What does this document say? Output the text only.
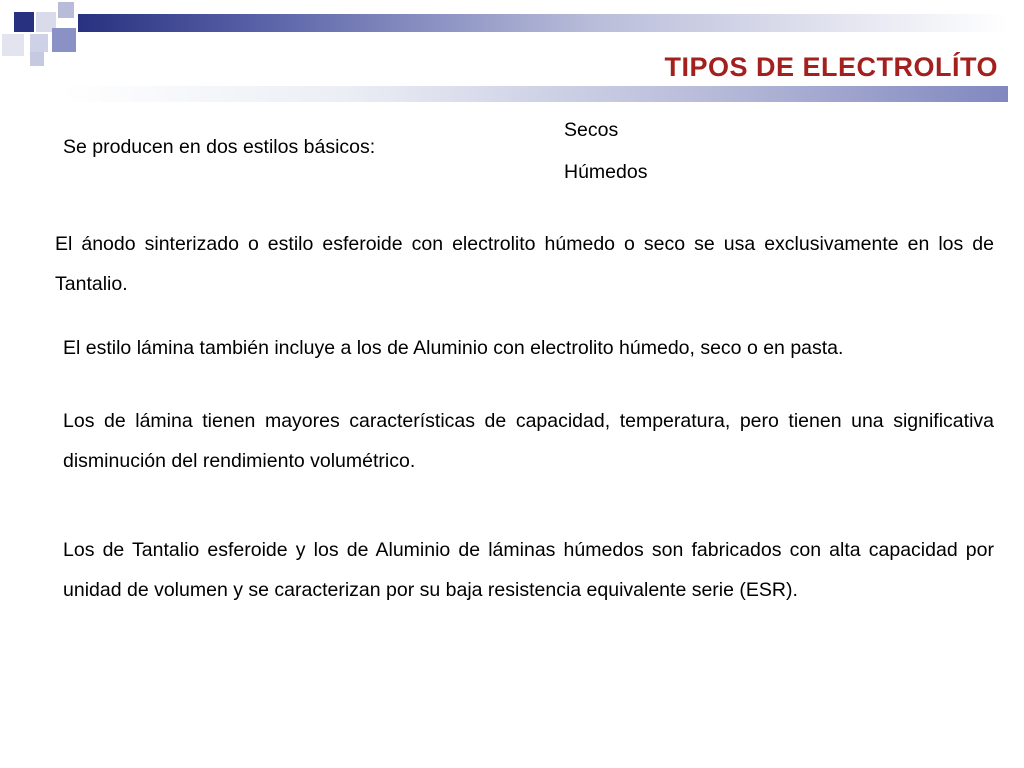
TIPOS DE ELECTROLÍTO
Se producen en dos estilos básicos:
Secos
Húmedos
El ánodo sinterizado o estilo esferoide con electrolito húmedo o seco se usa exclusivamente en los de Tantalio.
El estilo lámina también incluye a los de Aluminio con electrolito húmedo, seco o en pasta.
Los de lámina tienen mayores características de capacidad, temperatura, pero tienen una significativa disminución del rendimiento volumétrico.
Los de Tantalio esferoide y los de Aluminio de láminas húmedos son fabricados con alta capacidad por unidad de volumen y se caracterizan por su baja resistencia equivalente serie (ESR).
